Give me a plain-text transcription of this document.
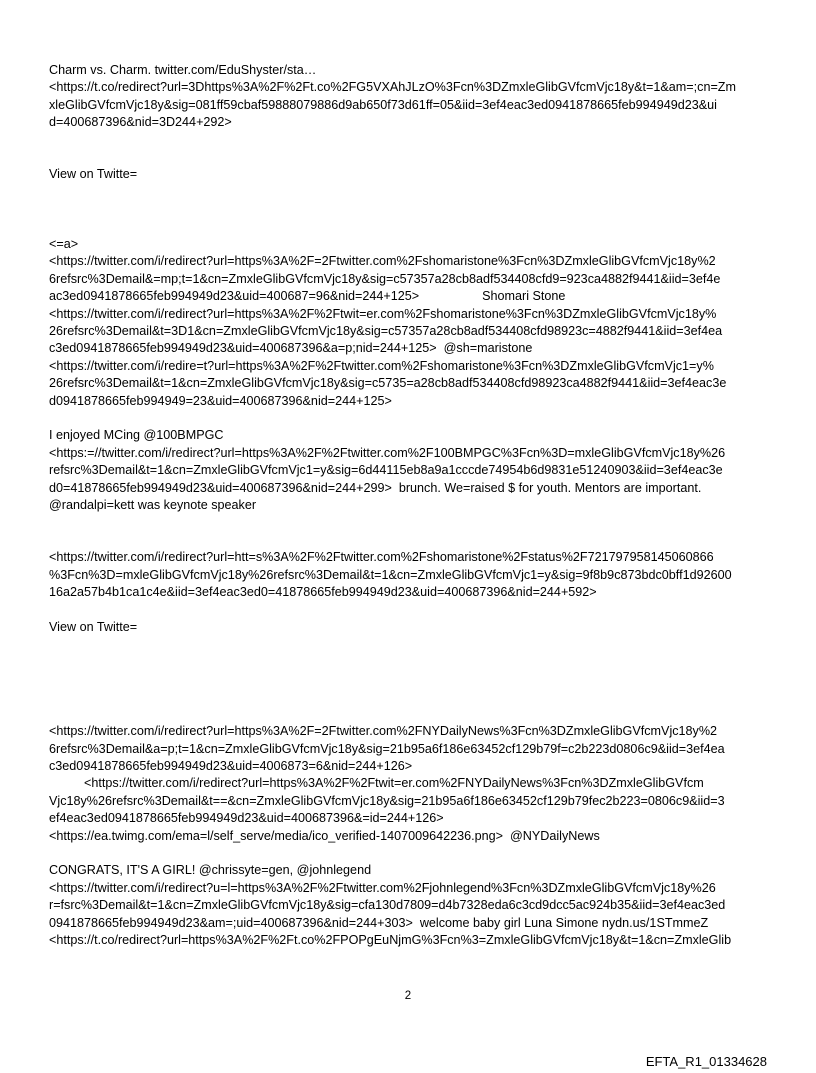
Charm vs. Charm. twitter.com/EduShyster/sta…
<https://t.co/redirect?url=3Dhttps%3A%2F%2Ft.co%2FG5VXAhJLzO%3Fcn%3DZmxleGlibGVfcmVjc18y&t=1&am=;cn=Zm
xleGlibGVfcmVjc18y&sig=081ff59cbaf59888079886d9ab650f73d61ff=05&iid=3ef4eac3ed0941878665feb994949d23&ui
d=400687396&nid=3D244+292>
View on Twitte=
<=a>
<https://twitter.com/i/redirect?url=https%3A%2F=2Ftwitter.com%2Fshomaristone%3Fcn%3DZmxleGlibGVfcmVjc18y%2
6refsrc%3Demail&=mp;t=1&cn=ZmxleGlibGVfcmVjc18y&sig=c57357a28cb8adf534408cfd9=923ca4882f9441&iid=3ef4e
ac3ed0941878665feb994949d23&uid=400687=96&nid=244+125>                  Shomari Stone
<https://twitter.com/i/redirect?url=https%3A%2F%2Ftwit=er.com%2Fshomaristone%3Fcn%3DZmxleGlibGVfcmVjc18y%
26refsrc%3Demail&t=3D1&cn=ZmxleGlibGVfcmVjc18y&sig=c57357a28cb8adf534408cfd98923c=4882f9441&iid=3ef4ea
c3ed0941878665feb994949d23&uid=400687396&a=p;nid=244+125>  @sh=maristone
<https://twitter.com/i/redire=t?url=https%3A%2F%2Ftwitter.com%2Fshomaristone%3Fcn%3DZmxleGlibGVfcmVjc1=y%
26refsrc%3Demail&t=1&cn=ZmxleGlibGVfcmVjc18y&sig=c5735=a28cb8adf534408cfd98923ca4882f9441&iid=3ef4eac3e
d0941878665feb994949=23&uid=400687396&nid=244+125>
I enjoyed MCing @100BMPGC
<https:=//twitter.com/i/redirect?url=https%3A%2F%2Ftwitter.com%2F100BMPGC%3Fcn%3D=mxleGlibGVfcmVjc18y%26
refsrc%3Demail&t=1&cn=ZmxleGlibGVfcmVjc1=y&sig=6d44115eb8a9a1cccde74954b6d9831e51240903&iid=3ef4eac3e
d0=41878665feb994949d23&uid=400687396&nid=244+299>  brunch. We=raised $ for youth. Mentors are important.
@randalpi=kett was keynote speaker
<https://twitter.com/i/redirect?url=htt=s%3A%2F%2Ftwitter.com%2Fshomaristone%2Fstatus%2F721797958145060866
%3Fcn%3D=mxleGlibGVfcmVjc18y%26refsrc%3Demail&t=1&cn=ZmxleGlibGVfcmVjc1=y&sig=9f8b9c873bdc0bff1d92600
16a2a57b4b1ca1c4e&iid=3ef4eac3ed0=41878665feb994949d23&uid=400687396&nid=244+592>
View on Twitte=
<https://twitter.com/i/redirect?url=https%3A%2F=2Ftwitter.com%2FNYDailyNews%3Fcn%3DZmxleGlibGVfcmVjc18y%2
6refsrc%3Demail&a=p;t=1&cn=ZmxleGlibGVfcmVjc18y&sig=21b95a6f186e63452cf129b79f=c2b223d0806c9&iid=3ef4ea
c3ed0941878665feb994949d23&uid=4006873=6&nid=244+126>
<https://twitter.com/i/redirect?url=https%3A%2F%2Ftwit=er.com%2FNYDailyNews%3Fcn%3DZmxleGlibGVfcm
Vjc18y%26refsrc%3Demail&t==&cn=ZmxleGlibGVfcmVjc18y&sig=21b95a6f186e63452cf129b79fec2b223=0806c9&iid=3
ef4eac3ed0941878665feb994949d23&uid=400687396&=id=244+126>
<https://ea.twimg.com/ema=l/self_serve/media/ico_verified-1407009642236.png>  @NYDailyNews
CONGRATS, IT'S A GIRL! @chrissyte=gen, @johnlegend
<https://twitter.com/i/redirect?u=l=https%3A%2F%2Ftwitter.com%2Fjohnlegend%3Fcn%3DZmxleGlibGVfcmVjc18y%26
r=fsrc%3Demail&t=1&cn=ZmxleGlibGVfcmVjc18y&sig=cfa130d7809=d4b7328eda6c3cd9dcc5ac924b35&iid=3ef4eac3ed
0941878665feb994949d23&am=;uid=400687396&nid=244+303>  welcome baby girl Luna Simone nydn.us/1STmmeZ
<https://t.co/redirect?url=https%3A%2F%2Ft.co%2FPOPgEuNjmG%3Fcn%3=ZmxleGlibGVfcmVjc18y&t=1&cn=ZmxleGlib
2
EFTA_R1_01334628
